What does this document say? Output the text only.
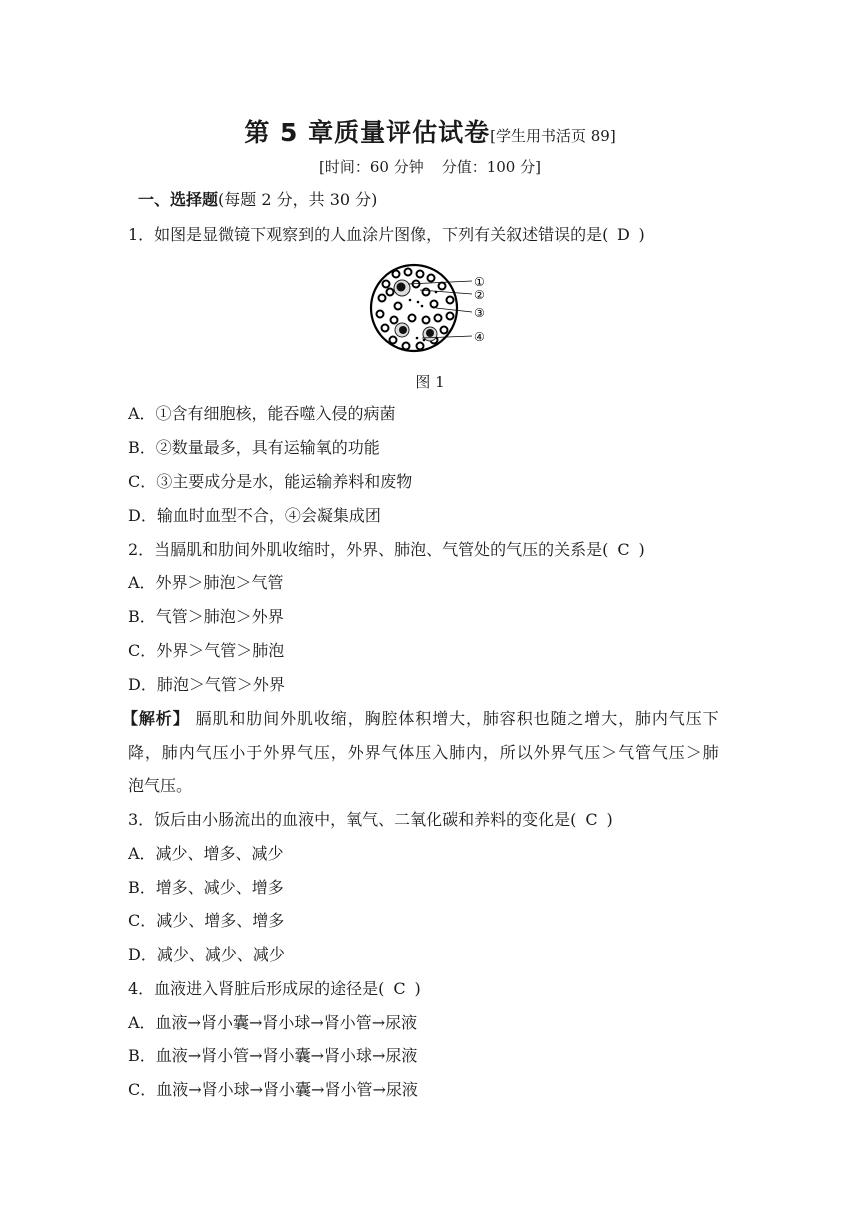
第 5 章质量评估试卷[学生用书活页 89]
[时间：60 分钟 分值：100 分]
一、选择题(每题 2 分，共 30 分)
1．如图是显微镜下观察到的人血涂片图像，下列有关叙述错误的是( D )
①
②
③
④
图 1
A．①含有细胞核，能吞噬入侵的病菌
B．②数量最多，具有运输氧的功能
C．③主要成分是水，能运输养料和废物
D．输血时血型不合，④会凝集成团
2．当膈肌和肋间外肌收缩时，外界、肺泡、气管处的气压的关系是( C )
A．外界＞肺泡＞气管
B．气管＞肺泡＞外界
C．外界＞气管＞肺泡
D．肺泡＞气管＞外界
【解析】 膈肌和肋间外肌收缩，胸腔体积增大，肺容积也随之增大，肺内气压下
降，肺内气压小于外界气压，外界气体压入肺内，所以外界气压＞气管气压＞肺
泡气压。
3．饭后由小肠流出的血液中，氧气、二氧化碳和养料的变化是( C )
A．减少、增多、减少
B．增多、减少、增多
C．减少、增多、增多
D．减少、减少、减少
4．血液进入肾脏后形成尿的途径是( C )
A．血液→肾小囊→肾小球→肾小管→尿液
B．血液→肾小管→肾小囊→肾小球→尿液
C．血液→肾小球→肾小囊→肾小管→尿液
